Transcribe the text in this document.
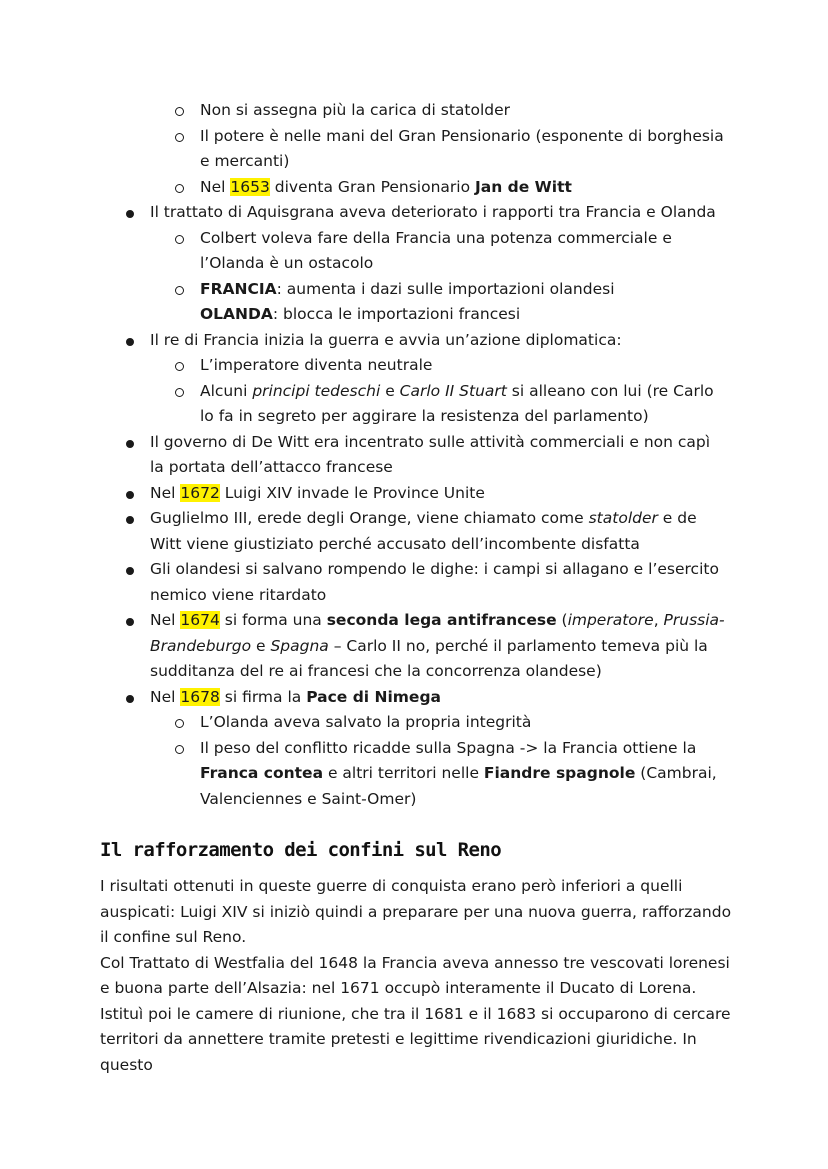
Non si assegna più la carica di statolder
Il potere è nelle mani del Gran Pensionario (esponente di borghesia e mercanti)
Nel 1653 diventa Gran Pensionario Jan de Witt
Il trattato di Aquisgrana aveva deteriorato i rapporti tra Francia e Olanda
Colbert voleva fare della Francia una potenza commerciale e l’Olanda è un ostacolo
FRANCIA: aumenta i dazi sulle importazioni olandesi
OLANDA: blocca le importazioni francesi
Il re di Francia inizia la guerra e avvia un’azione diplomatica:
L’imperatore diventa neutrale
Alcuni principi tedeschi e Carlo II Stuart si alleano con lui (re Carlo lo fa in segreto per aggirare la resistenza del parlamento)
Il governo di De Witt era incentrato sulle attività commerciali e non capì la portata dell’attacco francese
Nel 1672 Luigi XIV invade le Province Unite
Guglielmo III, erede degli Orange, viene chiamato come statolder e de Witt viene giustiziato perché accusato dell’incombente disfatta
Gli olandesi si salvano rompendo le dighe: i campi si allagano e l’esercito nemico viene ritardato
Nel 1674 si forma una seconda lega antifrancese (imperatore, Prussia-Brandeburgo e Spagna – Carlo II no, perché il parlamento temeva più la sudditanza del re ai francesi che la concorrenza olandese)
Nel 1678 si firma la Pace di Nimega
L’Olanda aveva salvato la propria integrità
Il peso del conflitto ricadde sulla Spagna -> la Francia ottiene la Franca contea e altri territori nelle Fiandre spagnole (Cambrai, Valenciennes e Saint-Omer)
Il rafforzamento dei confini sul Reno

I risultati ottenuti in queste guerre di conquista erano però inferiori a quelli auspicati: Luigi XIV si iniziò quindi a preparare per una nuova guerra, rafforzando il confine sul Reno.

Col Trattato di Westfalia del 1648 la Francia aveva annesso tre vescovati lorenesi e buona parte dell’Alsazia: nel 1671 occupò interamente il Ducato di Lorena.

Istituì poi le camere di riunione, che tra il 1681 e il 1683 si occuparono di cercare territori da annettere tramite pretesti e legittime rivendicazioni giuridiche. In questo
